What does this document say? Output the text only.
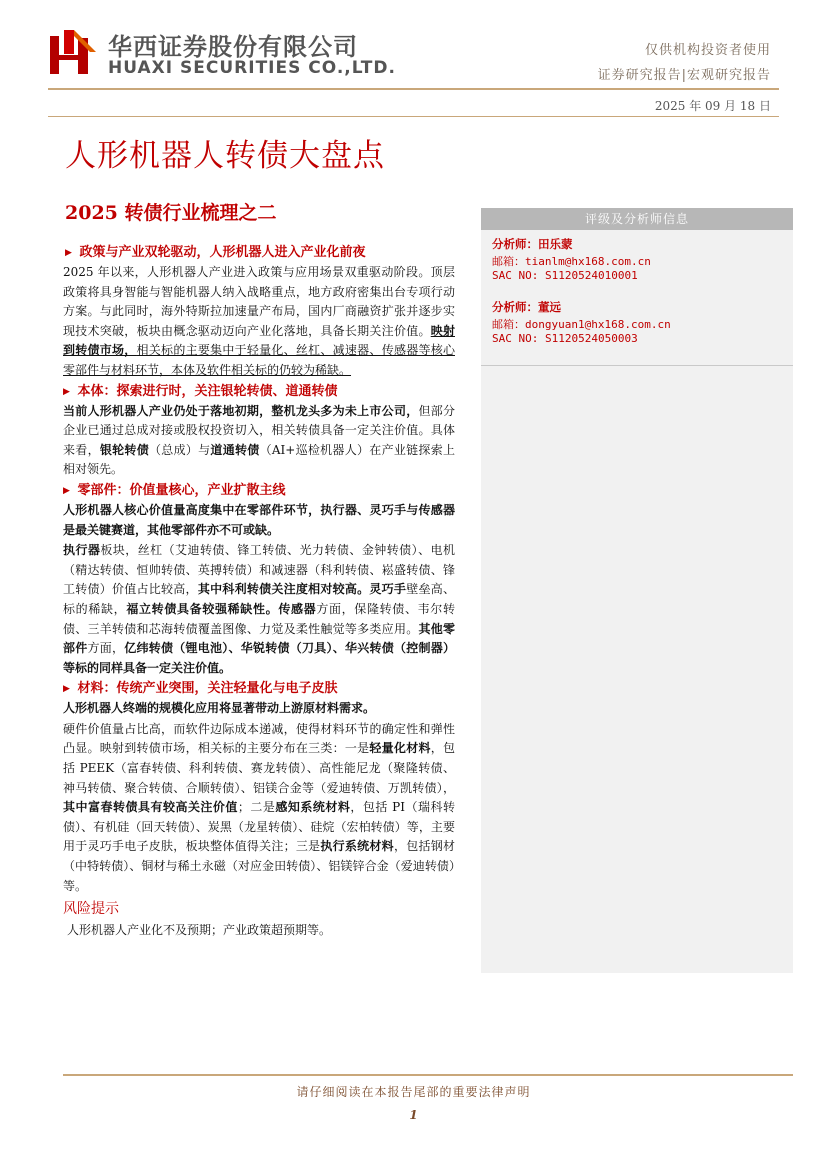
华西证券股份有限公司
HUAXI SECURITIES CO.,LTD.
仅供机构投资者使用
证券研究报告|宏观研究报告
2025 年 09 月 18 日
人形机器人转债大盘点
2025 转债行业梳理之二	评级及分析师信息
分析师：田乐蒙
邮箱：tianlm@hx168.com.cn
SAC NO: S1120524010001
分析师：董远
邮箱：dongyuan1@hx168.com.cn
SAC NO: S1120524050003

▶ 政策与产业双轮驱动，人形机器人进入产业化前夜

2025 年以来，人形机器人产业进入政策与应用场景双重驱动阶段。顶层政策将具身智能与智能机器人纳入战略重点，地方政府密集出台专项行动方案。与此同时，海外特斯拉加速量产布局，国内厂商融资扩张并逐步实现技术突破，板块由概念驱动迈向产业化落地，具备长期关注价值。映射到转债市场，相关标的主要集中于轻量化、丝杠、减速器、传感器等核心零部件与材料环节，本体及软件相关标的仍较为稀缺。

▶ 本体：探索进行时，关注银轮转债、道通转债

当前人形机器人产业仍处于落地初期，整机龙头多为未上市公司，但部分企业已通过总成对接或股权投资切入，相关转债具备一定关注价值。具体来看，银轮转债（总成）与道通转债（AI+巡检机器人）在产业链探索上相对领先。

▶ 零部件：价值量核心，产业扩散主线

人形机器人核心价值量高度集中在零部件环节，执行器、灵巧手与传感器是最关键赛道，其他零部件亦不可或缺。

执行器板块，丝杠（艾迪转债、锋工转债、光力转债、金钟转债）、电机（精达转债、恒帅转债、英搏转债）和减速器（科利转债、崧盛转债、锋工转债）价值占比较高，其中科利转债关注度相对较高。灵巧手壁垒高、标的稀缺，福立转债具备较强稀缺性。传感器方面，保隆转债、韦尔转债、三羊转债和芯海转债覆盖图像、力觉及柔性触觉等多类应用。其他零部件方面，亿纬转债（锂电池）、华锐转债（刀具）、华兴转债（控制器）等标的同样具备一定关注价值。

▶ 材料：传统产业突围，关注轻量化与电子皮肤

人形机器人终端的规模化应用将显著带动上游原材料需求。

硬件价值量占比高，而软件边际成本递减，使得材料环节的确定性和弹性凸显。映射到转债市场，相关标的主要分布在三类：一是轻量化材料，包括 PEEK（富春转债、科利转债、赛龙转债）、高性能尼龙（聚隆转债、神马转债、聚合转债、合顺转债）、铝镁合金等（爱迪转债、万凯转债），其中富春转债具有较高关注价值；二是感知系统材料，包括 PI（瑞科转债）、有机硅（回天转债）、炭黑（龙星转债）、硅烷（宏柏转债）等，主要用于灵巧手电子皮肤，板块整体值得关注；三是执行系统材料，包括钢材（中特转债）、铜材与稀土永磁（对应金田转债）、铝镁锌合金（爱迪转债）等。

风险提示

人形机器人产业化不及预期；产业政策超预期等。

请仔细阅读在本报告尾部的重要法律声明
1
